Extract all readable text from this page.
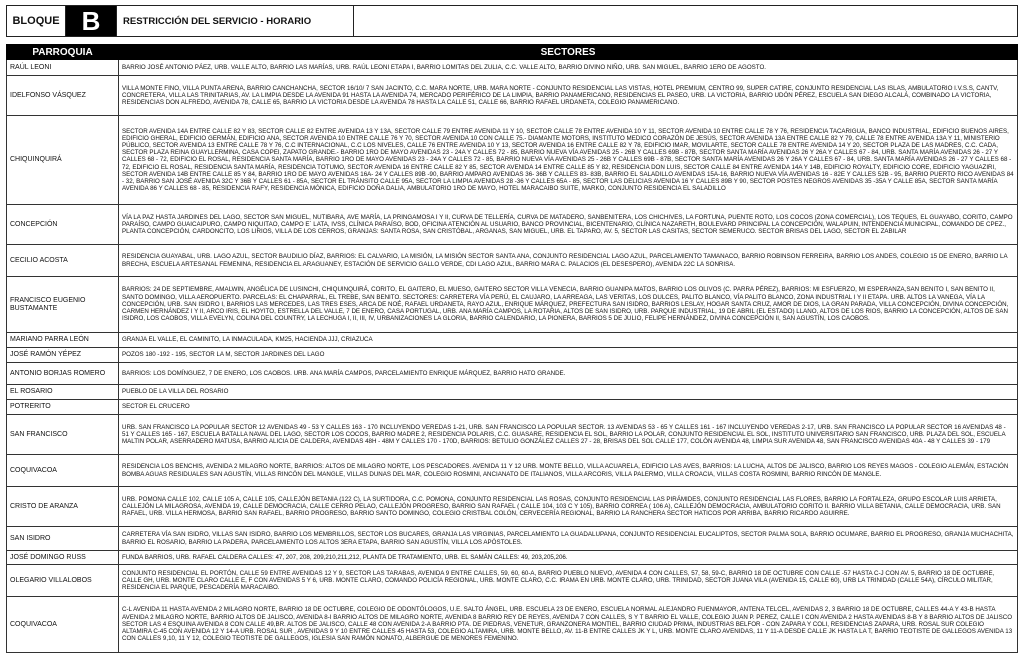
BLOQUE B	RESTRICCIÓN DEL SERVICIO - HORARIO
PARROQUIA	SECTORES
RAÚL LEONI	BARRIO JOSÉ ANTONIO PÁEZ, URB. VALLE ALTO, BARRIO LAS MARÍAS, URB. RAÚL LEONI ETAPA I, BARRIO LOMITAS DEL ZULIA, C.C. VALLE ALTO, BARRIO DIVINO NIÑO, URB. SAN MIGUEL, BARRIO 1ERO DE AGOSTO.
IDELFONSO VÁSQUEZ	VILLA MONTE FINO, VILLA PUNTA ARENA, BARRIO CANCHANCHA, SECTOR 16/10/ 7 SAN JACINTO, C.C. MARA NORTE, URB. MARA NORTE - CONJUNTO RESIDENCIAL LAS VISTAS, HOTEL PREMIUM, CENTRO 99, SUPER CATIRE, CONJUNTO RESIDENCIAL LAS ISLAS, AMBULATORIO I.V.S.S, CANTV, CONCRETERA, VILLA LAS TRINITARIAS, AV. LA LIMPIA DESDE LA AVENIDA 91 HASTA LA AVENIDA 74, MERCADO PERIFÉRICO DE LA LIMPIA, BARRIO PANAMERICANO, RESIDENCIAS EL PASEO, URB. LA VICTORIA, BARRIO UDÓN PÉREZ, ESCUELA SAN DIEGO ALCALÁ, COMBINADO LA VICTORIA, RESIDENCIAS DON ALFREDO, AVENIDA 78, CALLE 65, BARRIO LA VICTORIA DESDE LA AVENIDA 78 HASTA LA CALLE 51, CALLE 66, BARRIO RAFAEL URDANETA, COLEGIO PANAMERICANO.
CHIQUINQUIRÁ	SECTOR AVENIDA 14A ENTRE CALLE 82 Y 83, SECTOR CALLE 82 ENTRE AVENIDA 13 Y 13A, SECTOR CALLE 79 ENTRE AVENIDA 11 Y 10, SECTOR CALLE 78 ENTRE AVENIDA 10 Y 11, SECTOR AVENIDA 10 ENTRE CALLE 78 Y 76, RESIDENCIA TACARIGUA, BANCO INDUSTRIAL, EDIFICIO BUENOS AIRES, EDIFICIO GHERAL, EDIFICIO GERMÁN, EDIFICIO ANA, SECTOR AVENIDA 10 ENTRE CALLE 76 Y 70, SECTOR AVENIDA 10 CON CALLE 75.- DIAMANTE MOTORS, INSTITUTO MEDICO CORAZÓN DE JESÚS, SECTOR AVENIDA 13A ENTRE CALLE 82 Y 79, CALLE 78 ENTRE AVENIDA 13A Y 11, MINISTERIO PÚBLICO, SECTOR AVENIDA 13 ENTRE CALLE 78 Y 76, C.C INTERNACIONAL, C.C LOS NIVELES, CALLE 76 ENTRE AVENIDA 10 Y 13, SECTOR AVENIDA 16 ENTRE CALLE 82 Y 78, EDIFICIO IMAR, MOVILARTE, SECTOR CALLE 78 ENTRE AVENIDA 14 Y 20, SECTOR PLAZA DE LAS MADRES, C.C. CADA, SECTOR PLAZA REINA GUAYLLERMINA, CASA COPEI, ZAPATO GRANDE.- BARRIO 1RO DE MAYO AVENIDAS 23 - 24A Y CALLES 72 - 85, BARRIO NUEVA VÍA AVENIDAS 25 - 26B Y CALLES 69B - 87B, SECTOR SANTA MARÍA AVENIDAS 26 Y 26A Y CALLES 67 - 84, URB. SANTA MARÍA AVENIDAS 26 - 27 Y CALLES 68 - 72, EDIFICIO EL ROSAL, RESIDENCIA SANTA MARÍA, BARRIO 1RO DE MAYO AVENIDAS 23 - 24A Y CALLES 72 - 85, BARRIO NUEVA VÍA AVENIDAS 25 - 26B Y CALLES 69B - 87B, SECTOR SANTA MARÍA AVENIDAS 26 Y 26A Y CALLES 67 - 84, URB. SANTA MARÍA AVENIDAS 26 - 27 Y CALLES 68 - 72, EDIFICIO EL ROSAL, RESIDENCIA SANTA MARÍA, RESIDENCIA TOTUMO, SECTOR AVENIDA 16 ENTRE CALLE 82 Y 85, SECTOR AVENIDA 14 ENTRE CALLE 85 Y 82, RESIDENCIA DON LUIS, SECTOR CALLE 84 ENTRE AVENIDA 14A Y 14B, EDIFICIO ROYALTY, EDIFICIO CORE, EDIFICIO YAGUAZIRI, SECTOR AVENIDA 14B ENTRE CALLE 85 Y 84, BARRIO 1RO DE MAYO AVENIDAS 16A- 24 Y CALLES 89B -90, BARRIO AMPARO AVENIDAS 36- 36B Y CALLES 83- 83B, BARRIO EL SALADILLO AVENIDAS 15A-16, BARRIO NUEVA VÍA AVENIDAS 16 - 82E Y CALLES 52B - 95, BARRIO PUERTO RICO AVENIDAS 84 - 32, BARRIO SAN JOSÉ AVENIDA 32C Y 36B Y CALLES 61 - 85A, SECTOR EL TRÁNSITO CALLE 95A, SECTOR LA LIMPIA AVENIDAS 28 -36 Y CALLES 65A - 85, SECTOR LAS DELICIAS AVENIDA 16 Y CALLES 89B Y 90, SECTOR POSTES NEGROS AVENIDAS 35 -35A Y CALLE 85A, SECTOR SANTA MARÍA AVENIDA 86 Y CALLES 68 - 85, RESIDENCIA RAFY, RESIDENCIA MÓNICA, EDIFICIO DOÑA DALIA, AMBULATORIO 1RO DE MAYO, HOTEL MARACAIBO SUITE, MARKO, CONJUNTO RESIDENCIA EL SALADILLO
CONCEPCIÓN	VÍA LA PAZ HASTA JARDINES DEL LAGO, SECTOR SAN MIGUEL, NUTIBARA, AVE MARÍA, LA PRINGAMOSA I Y II, CURVA DE TELLERÍA, CURVA DE MATADERO, SANBENITERA, LOS CHICHIVES, LA FORTUNA, PUENTE ROTO, LOS COCOS (ZONA COMERCIAL), LOS TEQUES, EL GUAYABO, CORITO, CAMPO PARAÍSO, CAMPO GUAICAIPURO, CAMPO NIQUITAO, CAMPO E´ LATA, IVSS, CLÍNICA PARAÍSO, BOD, OFICINA ATENCIÓN AL USUARIO, BANCO PROVINCIAL, BICENTENARIO, CLÍNICA NAZARETH, BOULEVARD PRINCIPAL LA CONCEPCIÓN, WALAPUIN, INTENDENCIA MUNICIPAL, COMANDO DE CPEZ., PLANTA CONCEPCIÓN, CARDONCITO, LOS LIRIOS, VILLA DE LOS CERROS, GRANJAS: SANTA ROSA, SAN CRISTÓBAL, ARGANAS, SAN MIGUEL, URB. EL TAPARO, AV. 5, SECTOR LAS CASITAS, SECTOR SEMERUCO. SECTOR BRISAS DEL LAGO, SECTOR EL ZABILAR
CECILIO ACOSTA	RESIDENCIA GUAYABAL, URB. LAGO AZUL, SECTOR BAUDILIO DÍAZ, BARRIOS: EL CALVARIO, LA MISIÓN, LA MISIÓN SECTOR SANTA ANA, CONJUNTO RESIDENCIAL LAGO AZUL, PARCELAMIENTO TAMANACO, BARRIO ROBINSON FERREIRA, BARRIO LOS ANDES, COLEGIO 15 DE ENERO, BARRIO LA BRECHA, ESCUELA ARTESANAL FEMENINA, RESIDENCIA EL ARAGUANEY, ESTACIÓN DE SERVICIO GALLO VERDE, CDI LAGO AZUL, BARRIO MARA C. PALACIOS (EL DESESPERO), AVENIDA 22C LA SONRISA.
FRANCISCO EUGENIO BUSTAMANTE	BARRIOS: 24 DE SEPTIEMBRE, AMALWIN, ANGÉLICA DE LUSINCHI, CHIQUINQUIRÁ, CORITO, EL GAITERO, EL MUESO, GAITERO SECTOR VILLA VENECIA, BARRIO GUANIPA MATOS, BARRIO LOS OLIVOS (C. PARRA PÉREZ), BARRIOS: MI ESFUERZO, MI ESPERANZA,SAN BENITO I, SAN BENITO II, SANTO DOMINGO, VILLA AEROPUERTO. PARCELAS: EL CHAPARRAL, EL TREBE, SAN BENITO. SECTORES: CARRETERA VÍA PERÚ, EL CAUJARO, LA ARREAGA, LAS VERITAS, LOS DULCES, PALITO BLANCO, VÍA PALITO BLANCO, ZONA INDUSTRIAL I Y II ETAPA. URB. ALTOS LA VANEGA, VÍA LA CONCEPCIÓN, URB. SAN ISIDRO I, BARRIOS LAS MERCEDES, LAS TRES ESES, ARCA DE NOÉ, RAFAEL URDANETA, RAYO AZUL, ENRIQUE MÁRQUEZ, PREFECTURA SAN ISIDRO, BARRIOS LESLAY, HOGAR SANTA CRUZ, AMOR DE DIOS, LA GRAN PARADA, VILLA CONCEPCIÓN, DIVINA CONCEPCIÓN, CARMEN HERNÁNDEZ I Y II, ARCO IRIS, EL HOYITO, ESTRELLA DEL VALLE, 7 DE ENERO, CASA PORTUGAL, URB. ANA MARÍA CAMPOS, LA ROTARIA, ALTOS DE SAN ISIDRO, URB. PARQUE INDUSTRIAL, 19 DE ABRIL (EL ESTADO) LLANO, ALTOS DE LOS RIOS, BARRIO LA CONCEPCIÓN, ALTOS DE SAN ISIDRO, LOS CAOBOS, VILLA EVELYN, COLINA DEL COUNTRY, LA LECHUGA I, II, III, IV, URBANIZACIONES LA GLORIA, BARRIO CALENDARIO, LA PIONERA, BARRIOS 5 DE JULIO, FELIPE HERNÁNDEZ, DIVINA CONCEPCIÓN II, SAN AGUSTÍN, LOS CAOBOS.
MARIANO PARRA LEÓN	GRANJA EL VALLE, EL CAMINITO, LA INMACULADA, KM25, HACIENDA JJJ, CRIAZUCA
JOSÉ RAMÓN YÉPEZ	POZOS 180 -192 - 195, SECTOR LA M, SECTOR JARDINES DEL LAGO
ANTONIO BORJAS ROMERO	BARRIOS: LOS DOMÍNGUEZ, 7 DE ENERO, LOS CAOBOS. URB. ANA MARÍA CAMPOS, PARCELAMIENTO ENRIQUE MÁRQUEZ, BARRIO HATO GRANDE.
EL ROSARIO	PUEBLO DE LA VILLA DEL ROSARIO
POTRERITO	SECTOR EL CRUCERO
SAN FRANCISCO	URB. SAN FRANCISCO LA POPULAR SECTOR 12 AVENIDAS 49 - 53 Y CALLES 163 - 170 INCLUYENDO VEREDAS 1-21, URB. SAN FRANCISCO LA POPULAR SECTOR. 13 AVENIDAS 53 - 65 Y CALLES 161 - 167 INCLUYENDO VEREDAS 2-17, URB. SAN FRANCISCO LA POPULAR SECTOR 16 AVENIDAS 48 - 51 Y CALLES 165 - 167, ESCUELA BATALLA NAVAL DEL LAGO, SECTOR LOS COCOS, BARRIO MADRE 2, RESIDENCIA POLARIS, C.C. GUASARE, RESIDENCIA EL SOL, BARRIO LA POLAR, CONJUNTO RESIDENCIAL EL SOL, INSTITUTO UNIVERSITARIO SAN FRANCISCO, URB. PLAZA DEL SOL, ESCUELA MALTIN POLAR, ASERRADERO MATUSA, BARRIO ALICIA DE CALDERA, AVENIDAS 48H - 48M Y CALLES 170 - 170D, BARRIOS: BETULIO GONZÁLEZ CALLES 27 - 28, BRISAS DEL SOL CALLE 177, COLÓN AVENIDA 48, LIMPIA SUR AVENIDA 48, SAN FRANCISCO AVENIDAS 40A - 48 Y CALLES 39 - 179
COQUIVACOA	RESIDENCIA LOS BENCHIS, AVENIDA 2 MILAGRO NORTE, BARRIOS: ALTOS DE MILAGRO NORTE, LOS PESCADORES. AVENIDA 11 Y 12 URB. MONTE BELLO, VILLA ACUARELA, EDIFICIO LAS AVES, BARRIOS: LA LUCHA, ALTOS DE JALISCO, BARRIO LOS REYES MAGOS - COLEGIO ALEMÁN, ESTACIÓN BOMBA AGUAS RESIDUALES SAN AGUSTÍN, VILLAS RINCÓN DEL MANGLE, VILLAS DUNAS DEL MAR, COLEGIO ROSMINI, ANCIANATO DE ITALIANOS, VILLA ARCORIS, VILLA PALERMO, VILLA CROACIA, VILLAS COSTA ROSMINI, BARRIO RINCÓN DE MANGLE.
CRISTO DE ARANZA	URB. POMONA CALLE 102, CALLE 105 A, CALLE 105, CALLEJÓN BETANIA (122 C), LA SURTIDORA, C.C. POMONA, CONJUNTO RESIDENCIAL LAS ROSAS, CONJUNTO RESIDENCIAL LAS PIRÁMIDES, CONJUNTO RESIDENCIAL LAS FLORES, BARRIO LA FORTALEZA, GRUPO ESCOLAR LUIS ARRIETA, CALLEJÓN LA MILAGROSA, AVENIDA 19, CALLE DEMOCRACIA, CALLE CERRO PELAO, CALLEJÓN PROGRESO, BARRIO SAN RAFAEL ( CALLE 104, 103 C Y 105), BARRIO CORREA ( 106 A), CALLEJÓN DEMOCRACIA, AMBULATORIO CORITO II. BARRIO VILLA BETANIA, CALLE DEMOCRACIA, URB. SAN RAFAEL, URB. VILLA HERMOSA, BARRIO SAN RAFAEL, BARRIO PROGRESO, BARRIO SANTO DOMINGO, COLEGIO CRISTBAL COLÓN, CERVECERÍA REGIONAL, BARRIO LA RANCHERA SECTOR HATICOS POR ARRIBA, BARRIO RICARDO AGUIRRE.
SAN ISIDRO	CARRETERA VÍA SAN ISIDRO, VILLAS SAN ISIDRO, BARRIO LOS MEMBRILLOS, SECTOR LOS BUCARES, GRANJA LAS VIRGINIAS, PARCELAMIENTO LA GUADALUPANA, CONJUNTO RESIDENCIAL EUCALIPTOS, SECTOR PALMA SOLA, BARRIO OCUMARE, BARRIO EL PROGRESO, GRANJA MUCHACHITA, BARRIO EL ROSARIO, BARRIO LA PADERA, PARCELAMIENTO LOS ALTOS 3ERA ETAPA, BARRIO SAN AGUSTÍN, VILLA LOS APÓSTOLES.
JOSÉ DOMINGO RUSS	FUNDA BARRIOS, URB. RAFAEL CALDERA CALLES: 47, 207, 208, 209,210,211,212, PLANTA DE TRATAMIENTO, URB. EL SAMÁN CALLES: 49, 203,205,206.
OLEGARIO VILLALOBOS	CONJUNTO RESIDENCIAL EL PORTÓN, CALLE 59 ENTRE AVENIDAS 12 Y 9, SECTOR LAS TARABAS, AVENIDA 9 ENTRE CALLES, 59, 60, 60-A, BARRIO PUEBLO NUEVO, AVENIDA 4 CON CALLES, 57, 58, 59-C, BARRIO 18 DE OCTUBRE CON CALLE -57 HASTA C-J CON AV. 5, BARRIO 18 DE OCTUBRE, CALLE GH, URB. MONTE CLARO CALLE E, F CON AVENIDAS 5 Y 6, URB. MONTE CLARO, COMANDO POLICÍA REGIONAL, URB. MONTE CLARO, C.C. IRAMA EN URB. MONTE CLARO, URB. TRINIDAD, SECTOR JUANA VILA (AVENIDA 15, CALLE 60), URB LA TRINIDAD (CALLE 54A), CÍRCULO MILITAR, RESIDENCIA EL PARQUE, PESCADERÍA MARACAIBO.
COQUIVACOA	C-L AVENIDA 11 HASTA AVENIDA 2 MILAGRO NORTE, BARRIO 18 DE OCTUBRE, COLEGIO DE ODONTÓLOGOS, U.E. SALTO ÁNGEL, URB. ESCUELA 23 DE ENERO, ESCUELA NORMAL ALEJANDRO FUENMAYOR, ANTENA TELCEL, AVENIDAS 2, 3 BARRIO 18 DE OCTUBRE, CALLES 44-A Y 43-B HASTA AVENIDA 2 MILAGRO NORTE, BARRIO ALTOS DE JALISCO, AVENIDA 8-I BARRIO ALTOS DE MILAGRO NORTE, AVENIDA 8 BARRIO REY DE REYES, AVENIDA 7 CON CALLES, S Y T BARRIO EL VALLE, COLEGIO JUAN P. PEREZ, CALLE I CON AVENIDA 2 HASTA AVENIDAS 8-B Y 8 BARRIO ALTOS DE JALISCO SECTOR LAS 4 ESQUINA AVENIDA 8 CON CALLE 49,BR. ALTOS DE JALISCO, CALLE 48 CON AVENIDA 2-A BARRIO PTA. DE PIEDRAS, VENETUR, GRANZONERA MONTIEL, BARRIO CIUDAD PRIMA, INDUSTRIAS BELFOR - CON ZAPARA Y COLI, RESIDENCIAS ZAPARA, URB. ROSAL SUR COLEGIO ALTAMIRA C-45 CON AVENIDA 12 Y 14-A URB. ROSAL SUR , AVENIDAS 9 Y 10 ENTRE CALLES 45 HASTA 53, COLEGIO ALTAMIRA, URB. MONTE BELLO, AV. 11-B ENTRE CALLES JK Y L, URB. MONTE CLARO AVENIDAS, 11 Y 11-A DESDE CALLE JK HASTA LA T, BARRIO TEOTISTE DE GALLEGOS AVENIDA 13 CON CALLES 9,10, 11 Y 12, COLEGIO TEOTISTE DE GALLEGOS, IGLESIA SAN RAMÓN NONATO, ALBERGUE DE MENORES FEMENINO.
